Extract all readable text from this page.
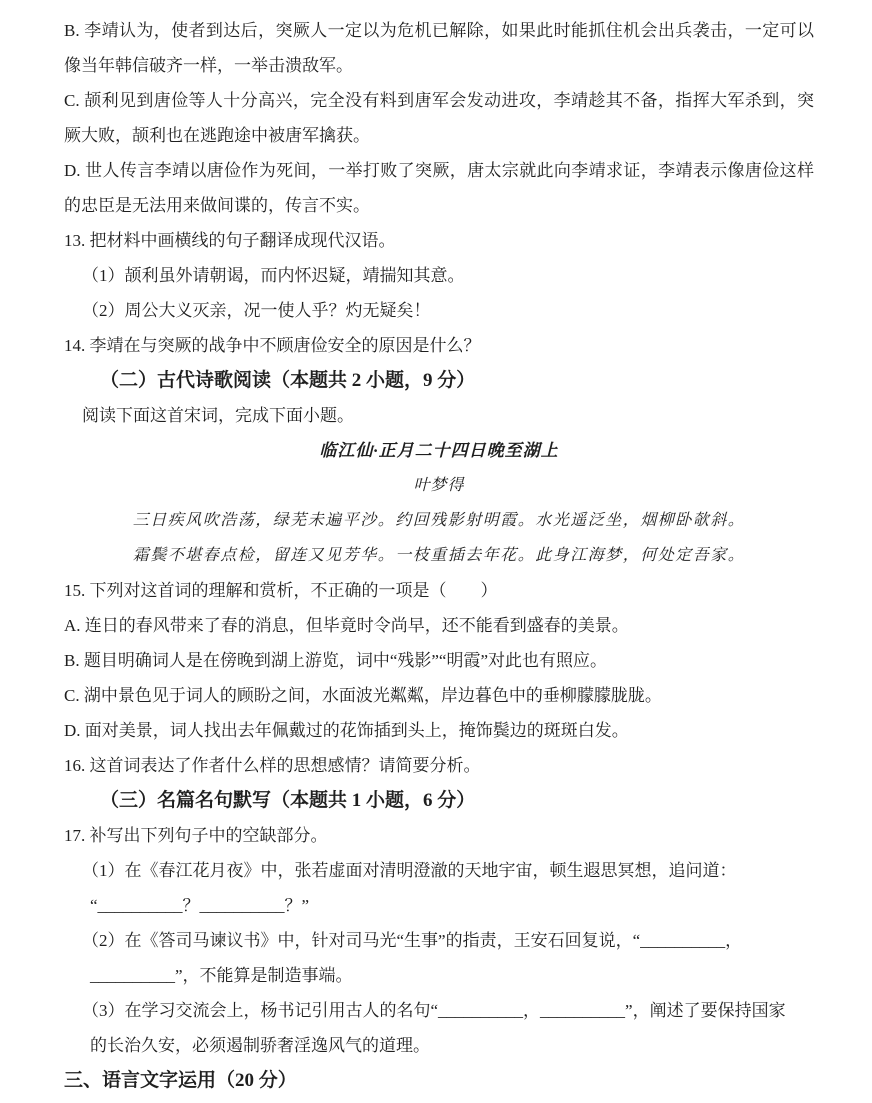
B. 李靖认为，使者到达后，突厥人一定以为危机已解除，如果此时能抓住机会出兵袭击，一定可以像当年韩信破齐一样，一举击溃敌军。
C. 颉利见到唐俭等人十分高兴，完全没有料到唐军会发动进攻，李靖趁其不备，指挥大军杀到，突厥大败，颉利也在逃跑途中被唐军擒获。
D. 世人传言李靖以唐俭作为死间，一举打败了突厥，唐太宗就此向李靖求证，李靖表示像唐俭这样的忠臣是无法用来做间谍的，传言不实。
13. 把材料中画横线的句子翻译成现代汉语。
（1）颉利虽外请朝谒，而内怀迟疑，靖揣知其意。
（2）周公大义灭亲，况一使人乎？灼无疑矣！
14. 李靖在与突厥的战争中不顾唐俭安全的原因是什么？
（二）古代诗歌阅读（本题共 2 小题，9 分）
阅读下面这首宋词，完成下面小题。
临江仙·正月二十四日晚至湖上
叶梦得
三日疾风吹浩荡，绿芜未遍平沙。约回残影射明霞。水光遥泛坐，烟柳卧欹斜。
霜鬓不堪春点检，留连又见芳华。一枝重插去年花。此身江海梦，何处定吾家。
15. 下列对这首词的理解和赏析，不正确的一项是（　　）
A. 连日的春风带来了春的消息，但毕竟时令尚早，还不能看到盛春的美景。
B. 题目明确词人是在傍晚到湖上游览，词中“残影”“明霞”对此也有照应。
C. 湖中景色见于词人的顾盼之间，水面波光粼粼，岸边暮色中的垂柳朦朦胧胧。
D. 面对美景，词人找出去年佩戴过的花饰插到头上，掩饰鬓边的斑斑白发。
16. 这首词表达了作者什么样的思想感情？请简要分析。
（三）名篇名句默写（本题共 1 小题，6 分）
17. 补写出下列句子中的空缺部分。
（1）在《春江花月夜》中，张若虚面对清明澄澈的天地宇宙，顿生遐思冥想，追问道：
“__________？__________？”
（2）在《答司马谏议书》中，针对司马光“生事”的指责，王安石回复说，“__________，
__________”，不能算是制造事端。
（3）在学习交流会上，杨书记引用古人的名句“__________，__________”，阐述了要保持国家
的长治久安，必须遏制骄奢淫逸风气的道理。
三、语言文字运用（20 分）
